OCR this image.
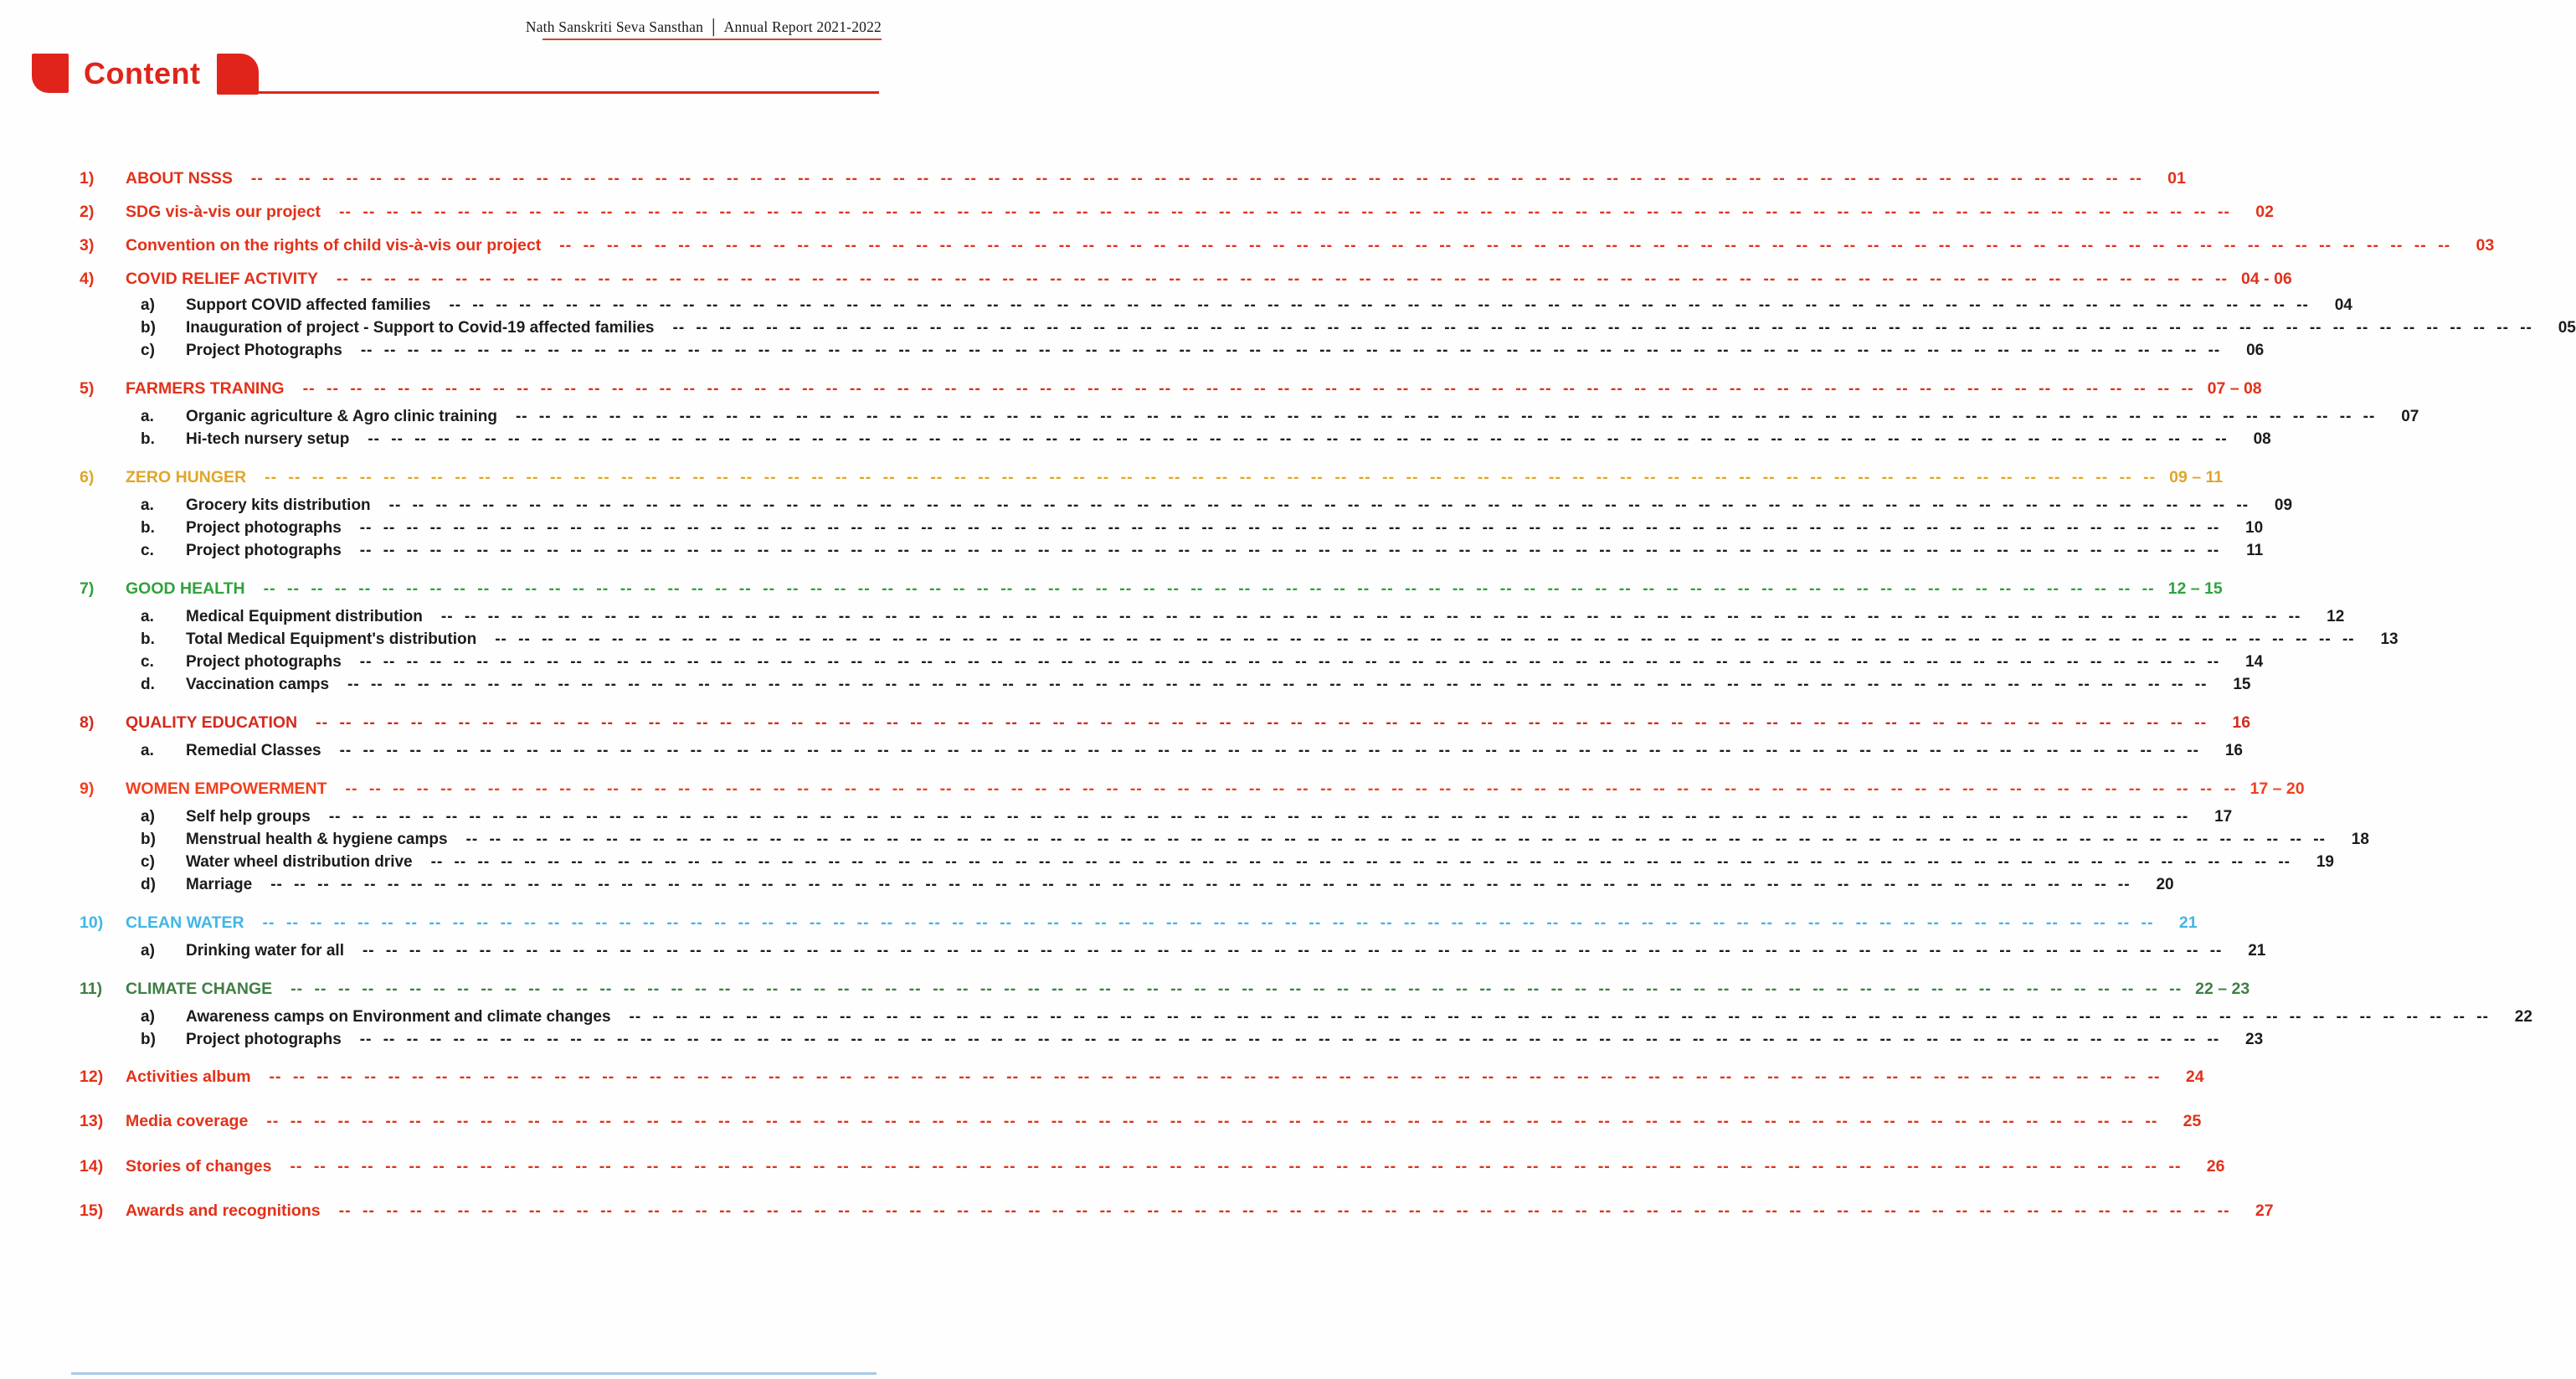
Nath Sanskriti Seva Sansthan │ Annual Report 2021-2022
Content
1)	ABOUT NSSS -- -- -- -- -- -- -- -- -- -- -- -- -- -- -- -- -- -- -- -- -- -- -- -- -- -- -- -- -- -- -- -- -- -- -- -- -- -- -- -- -- -- -- -- -- -- -- -- -- -- -- -- -- -- -- -- -- -- -- -- -- -- -- -- -- -- -- -- -- -- -- -- -- -- -- -- -- -- -- --	01
2)	SDG vis-à-vis our project -- -- -- -- -- -- -- -- -- -- -- -- -- -- -- -- -- -- -- -- -- -- -- -- -- -- -- -- -- -- -- -- -- -- -- -- -- -- -- -- -- -- -- -- -- -- -- -- -- -- -- -- -- -- -- -- -- -- -- -- -- -- -- -- -- -- -- -- -- -- -- -- -- -- -- -- -- -- -- --	02
3)	Convention on the rights of child vis-à-vis our project -- -- -- -- -- -- -- -- -- -- -- -- -- -- -- -- -- -- -- -- -- -- -- -- -- -- -- -- -- -- -- -- -- -- -- -- -- -- -- -- -- -- -- -- -- -- -- -- -- -- -- -- -- -- -- -- -- -- -- -- -- -- -- -- -- -- -- -- -- -- -- -- -- -- -- -- -- -- -- --	03
4)	COVID RELIEF ACTIVITY -- -- -- -- -- -- -- -- -- -- -- -- -- -- -- -- -- -- -- -- -- -- -- -- -- -- -- -- -- -- -- -- -- -- -- -- -- -- -- -- -- -- -- -- -- -- -- -- -- -- -- -- -- -- -- -- -- -- -- -- -- -- -- -- -- -- -- -- -- -- -- -- -- -- -- -- -- -- -- -- 04 - 06
a)	Support COVID affected families -- -- -- -- -- -- -- -- -- -- -- -- -- -- -- -- -- -- -- -- -- -- -- -- -- -- -- -- -- -- -- -- -- -- -- -- -- -- -- -- -- -- -- -- -- -- -- -- -- -- -- -- -- -- -- -- -- -- -- -- -- -- -- -- -- -- -- -- -- -- -- -- -- -- -- -- -- -- -- --	04
b)	Inauguration of project - Support to Covid-19 affected families -- -- -- -- -- -- -- -- -- -- -- -- -- -- -- -- -- -- -- -- -- -- -- -- -- -- -- -- -- -- -- -- -- -- -- -- -- -- -- -- -- -- -- -- -- -- -- -- -- -- -- -- -- -- -- -- -- -- -- -- -- -- -- -- -- -- -- -- -- -- -- -- -- -- -- -- -- -- -- --	05
c)	Project Photographs -- -- -- -- -- -- -- -- -- -- -- -- -- -- -- -- -- -- -- -- -- -- -- -- -- -- -- -- -- -- -- -- -- -- -- -- -- -- -- -- -- -- -- -- -- -- -- -- -- -- -- -- -- -- -- -- -- -- -- -- -- -- -- -- -- -- -- -- -- -- -- -- -- -- -- -- -- -- -- --	06
5)	FARMERS TRANING -- -- -- -- -- -- -- -- -- -- -- -- -- -- -- -- -- -- -- -- -- -- -- -- -- -- -- -- -- -- -- -- -- -- -- -- -- -- -- -- -- -- -- -- -- -- -- -- -- -- -- -- -- -- -- -- -- -- -- -- -- -- -- -- -- -- -- -- -- -- -- -- -- -- -- -- -- -- -- -- 07 – 08
a.	Organic agriculture & Agro clinic training -- -- -- -- -- -- -- -- -- -- -- -- -- -- -- -- -- -- -- -- -- -- -- -- -- -- -- -- -- -- -- -- -- -- -- -- -- -- -- -- -- -- -- -- -- -- -- -- -- -- -- -- -- -- -- -- -- -- -- -- -- -- -- -- -- -- -- -- -- -- -- -- -- -- -- -- -- -- -- --	07
b.	Hi-tech nursery setup -- -- -- -- -- -- -- -- -- -- -- -- -- -- -- -- -- -- -- -- -- -- -- -- -- -- -- -- -- -- -- -- -- -- -- -- -- -- -- -- -- -- -- -- -- -- -- -- -- -- -- -- -- -- -- -- -- -- -- -- -- -- -- -- -- -- -- -- -- -- -- -- -- -- -- -- -- -- -- --	08
6)	ZERO HUNGER -- -- -- -- -- -- -- -- -- -- -- -- -- -- -- -- -- -- -- -- -- -- -- -- -- -- -- -- -- -- -- -- -- -- -- -- -- -- -- -- -- -- -- -- -- -- -- -- -- -- -- -- -- -- -- -- -- -- -- -- -- -- -- -- -- -- -- -- -- -- -- -- -- -- -- -- -- -- -- -- 09 – 11
a.	Grocery kits distribution -- -- -- -- -- -- -- -- -- -- -- -- -- -- -- -- -- -- -- -- -- -- -- -- -- -- -- -- -- -- -- -- -- -- -- -- -- -- -- -- -- -- -- -- -- -- -- -- -- -- -- -- -- -- -- -- -- -- -- -- -- -- -- -- -- -- -- -- -- -- -- -- -- -- -- -- -- -- -- --	09
b.	Project photographs -- -- -- -- -- -- -- -- -- -- -- -- -- -- -- -- -- -- -- -- -- -- -- -- -- -- -- -- -- -- -- -- -- -- -- -- -- -- -- -- -- -- -- -- -- -- -- -- -- -- -- -- -- -- -- -- -- -- -- -- -- -- -- -- -- -- -- -- -- -- -- -- -- -- -- -- -- -- -- --	10
c.	Project photographs -- -- -- -- -- -- -- -- -- -- -- -- -- -- -- -- -- -- -- -- -- -- -- -- -- -- -- -- -- -- -- -- -- -- -- -- -- -- -- -- -- -- -- -- -- -- -- -- -- -- -- -- -- -- -- -- -- -- -- -- -- -- -- -- -- -- -- -- -- -- -- -- -- -- -- -- -- -- -- --	11
7)	GOOD HEALTH -- -- -- -- -- -- -- -- -- -- -- -- -- -- -- -- -- -- -- -- -- -- -- -- -- -- -- -- -- -- -- -- -- -- -- -- -- -- -- -- -- -- -- -- -- -- -- -- -- -- -- -- -- -- -- -- -- -- -- -- -- -- -- -- -- -- -- -- -- -- -- -- -- -- -- -- -- -- -- -- 12 – 15
a.	Medical Equipment distribution -- -- -- -- -- -- -- -- -- -- -- -- -- -- -- -- -- -- -- -- -- -- -- -- -- -- -- -- -- -- -- -- -- -- -- -- -- -- -- -- -- -- -- -- -- -- -- -- -- -- -- -- -- -- -- -- -- -- -- -- -- -- -- -- -- -- -- -- -- -- -- -- -- -- -- -- -- -- -- --	12
b.	Total Medical Equipment's distribution -- -- -- -- -- -- -- -- -- -- -- -- -- -- -- -- -- -- -- -- -- -- -- -- -- -- -- -- -- -- -- -- -- -- -- -- -- -- -- -- -- -- -- -- -- -- -- -- -- -- -- -- -- -- -- -- -- -- -- -- -- -- -- -- -- -- -- -- -- -- -- -- -- -- -- -- -- -- -- --	13
c.	Project photographs -- -- -- -- -- -- -- -- -- -- -- -- -- -- -- -- -- -- -- -- -- -- -- -- -- -- -- -- -- -- -- -- -- -- -- -- -- -- -- -- -- -- -- -- -- -- -- -- -- -- -- -- -- -- -- -- -- -- -- -- -- -- -- -- -- -- -- -- -- -- -- -- -- -- -- -- -- -- -- --	14
d.	Vaccination camps -- -- -- -- -- -- -- -- -- -- -- -- -- -- -- -- -- -- -- -- -- -- -- -- -- -- -- -- -- -- -- -- -- -- -- -- -- -- -- -- -- -- -- -- -- -- -- -- -- -- -- -- -- -- -- -- -- -- -- -- -- -- -- -- -- -- -- -- -- -- -- -- -- -- -- -- -- -- -- --	15
8)	QUALITY EDUCATION -- -- -- -- -- -- -- -- -- -- -- -- -- -- -- -- -- -- -- -- -- -- -- -- -- -- -- -- -- -- -- -- -- -- -- -- -- -- -- -- -- -- -- -- -- -- -- -- -- -- -- -- -- -- -- -- -- -- -- -- -- -- -- -- -- -- -- -- -- -- -- -- -- -- -- -- -- -- -- --	16
a.	Remedial Classes -- -- -- -- -- -- -- -- -- -- -- -- -- -- -- -- -- -- -- -- -- -- -- -- -- -- -- -- -- -- -- -- -- -- -- -- -- -- -- -- -- -- -- -- -- -- -- -- -- -- -- -- -- -- -- -- -- -- -- -- -- -- -- -- -- -- -- -- -- -- -- -- -- -- -- -- -- -- -- --	16
9)	WOMEN EMPOWERMENT -- -- -- -- -- -- -- -- -- -- -- -- -- -- -- -- -- -- -- -- -- -- -- -- -- -- -- -- -- -- -- -- -- -- -- -- -- -- -- -- -- -- -- -- -- -- -- -- -- -- -- -- -- -- -- -- -- -- -- -- -- -- -- -- -- -- -- -- -- -- -- -- -- -- -- -- -- -- -- -- 17 – 20
a)	Self help groups -- -- -- -- -- -- -- -- -- -- -- -- -- -- -- -- -- -- -- -- -- -- -- -- -- -- -- -- -- -- -- -- -- -- -- -- -- -- -- -- -- -- -- -- -- -- -- -- -- -- -- -- -- -- -- -- -- -- -- -- -- -- -- -- -- -- -- -- -- -- -- -- -- -- -- -- -- -- -- --	17
b)	Menstrual health & hygiene camps -- -- -- -- -- -- -- -- -- -- -- -- -- -- -- -- -- -- -- -- -- -- -- -- -- -- -- -- -- -- -- -- -- -- -- -- -- -- -- -- -- -- -- -- -- -- -- -- -- -- -- -- -- -- -- -- -- -- -- -- -- -- -- -- -- -- -- -- -- -- -- -- -- -- -- -- -- -- -- --	18
c)	Water wheel distribution drive -- -- -- -- -- -- -- -- -- -- -- -- -- -- -- -- -- -- -- -- -- -- -- -- -- -- -- -- -- -- -- -- -- -- -- -- -- -- -- -- -- -- -- -- -- -- -- -- -- -- -- -- -- -- -- -- -- -- -- -- -- -- -- -- -- -- -- -- -- -- -- -- -- -- -- -- -- -- -- --	19
d)	Marriage -- -- -- -- -- -- -- -- -- -- -- -- -- -- -- -- -- -- -- -- -- -- -- -- -- -- -- -- -- -- -- -- -- -- -- -- -- -- -- -- -- -- -- -- -- -- -- -- -- -- -- -- -- -- -- -- -- -- -- -- -- -- -- -- -- -- -- -- -- -- -- -- -- -- -- -- -- -- -- --	20
10)	CLEAN WATER -- -- -- -- -- -- -- -- -- -- -- -- -- -- -- -- -- -- -- -- -- -- -- -- -- -- -- -- -- -- -- -- -- -- -- -- -- -- -- -- -- -- -- -- -- -- -- -- -- -- -- -- -- -- -- -- -- -- -- -- -- -- -- -- -- -- -- -- -- -- -- -- -- -- -- -- -- -- -- --	21
a)	Drinking water for all -- -- -- -- -- -- -- -- -- -- -- -- -- -- -- -- -- -- -- -- -- -- -- -- -- -- -- -- -- -- -- -- -- -- -- -- -- -- -- -- -- -- -- -- -- -- -- -- -- -- -- -- -- -- -- -- -- -- -- -- -- -- -- -- -- -- -- -- -- -- -- -- -- -- -- -- -- -- -- --	21
11)	CLIMATE CHANGE -- -- -- -- -- -- -- -- -- -- -- -- -- -- -- -- -- -- -- -- -- -- -- -- -- -- -- -- -- -- -- -- -- -- -- -- -- -- -- -- -- -- -- -- -- -- -- -- -- -- -- -- -- -- -- -- -- -- -- -- -- -- -- -- -- -- -- -- -- -- -- -- -- -- -- -- -- -- -- -- 22 – 23
a)	Awareness camps on Environment and climate changes -- -- -- -- -- -- -- -- -- -- -- -- -- -- -- -- -- -- -- -- -- -- -- -- -- -- -- -- -- -- -- -- -- -- -- -- -- -- -- -- -- -- -- -- -- -- -- -- -- -- -- -- -- -- -- -- -- -- -- -- -- -- -- -- -- -- -- -- -- -- -- -- -- -- -- -- -- -- -- --	22
b)	Project photographs -- -- -- -- -- -- -- -- -- -- -- -- -- -- -- -- -- -- -- -- -- -- -- -- -- -- -- -- -- -- -- -- -- -- -- -- -- -- -- -- -- -- -- -- -- -- -- -- -- -- -- -- -- -- -- -- -- -- -- -- -- -- -- -- -- -- -- -- -- -- -- -- -- -- -- -- -- -- -- --	23
12)	Activities album -- -- -- -- -- -- -- -- -- -- -- -- -- -- -- -- -- -- -- -- -- -- -- -- -- -- -- -- -- -- -- -- -- -- -- -- -- -- -- -- -- -- -- -- -- -- -- -- -- -- -- -- -- -- -- -- -- -- -- -- -- -- -- -- -- -- -- -- -- -- -- -- -- -- -- -- -- -- -- --	24
13)	Media coverage -- -- -- -- -- -- -- -- -- -- -- -- -- -- -- -- -- -- -- -- -- -- -- -- -- -- -- -- -- -- -- -- -- -- -- -- -- -- -- -- -- -- -- -- -- -- -- -- -- -- -- -- -- -- -- -- -- -- -- -- -- -- -- -- -- -- -- -- -- -- -- -- -- -- -- -- -- -- -- --	25
14)	Stories of changes -- -- -- -- -- -- -- -- -- -- -- -- -- -- -- -- -- -- -- -- -- -- -- -- -- -- -- -- -- -- -- -- -- -- -- -- -- -- -- -- -- -- -- -- -- -- -- -- -- -- -- -- -- -- -- -- -- -- -- -- -- -- -- -- -- -- -- -- -- -- -- -- -- -- -- -- -- -- -- --	26
15)	Awards and recognitions -- -- -- -- -- -- -- -- -- -- -- -- -- -- -- -- -- -- -- -- -- -- -- -- -- -- -- -- -- -- -- -- -- -- -- -- -- -- -- -- -- -- -- -- -- -- -- -- -- -- -- -- -- -- -- -- -- -- -- -- -- -- -- -- -- -- -- -- -- -- -- -- -- -- -- -- -- -- -- --	27
